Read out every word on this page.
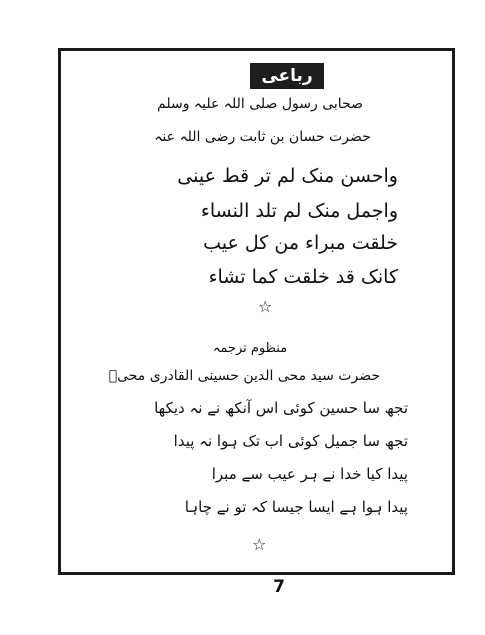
رباعی
صحابی رسول صلی اللہ علیہ وسلم
حضرت حسان بن ثابت رضی اللہ عنہ
واحسن منک لم تر قط عینی
واجمل منک لم تلد النساء
خلقت مبراء من کل عیب
کانک قد خلقت کما تشاء
☆
منظوم ترجمہ
حضرت سید محی الدین حسینی القادری محیؔ
تجھ سا حسین کوئی اس آنکھ نے نہ دیکھا
تجھ سا جمیل کوئی اب تک ہوا نہ پیدا
پیدا کیا خدا نے ہر عیب سے مبرا
پیدا ہوا ہے ایسا جیسا کہ تو نے چاہا
☆
7
